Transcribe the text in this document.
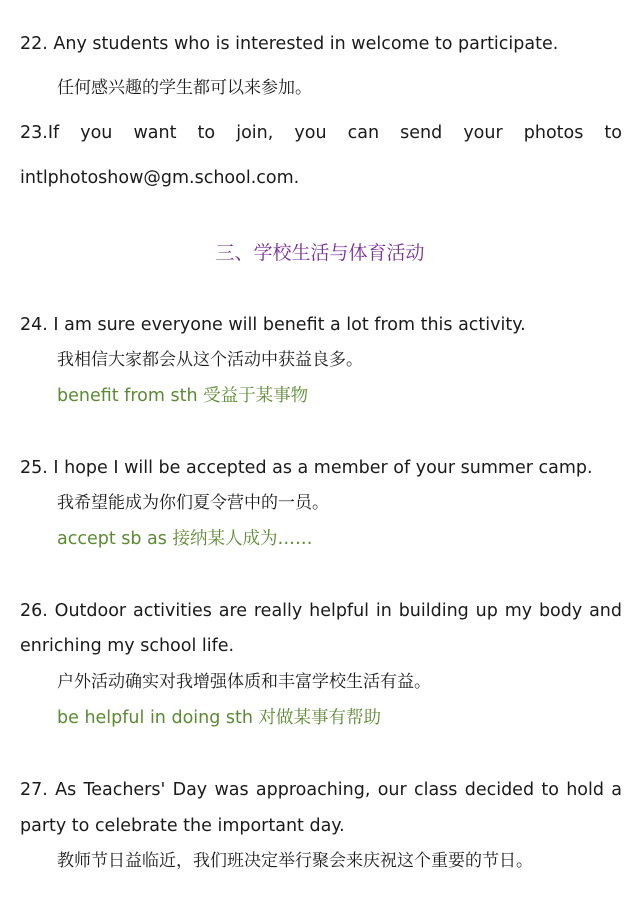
22. Any students who is interested in welcome to participate.
任何感兴趣的学生都可以来参加。
23.If you want to join, you can send your photos to
intlphotoshow@gm.school.com.
三、学校生活与体育活动
24. I am sure everyone will benefit a lot from this activity.
我相信大家都会从这个活动中获益良多。
benefit from sth 受益于某事物
25. I hope I will be accepted as a member of your summer camp.
我希望能成为你们夏令营中的一员。
accept sb as 接纳某人成为……
26. Outdoor activities are really helpful in building up my body and
enriching my school life.
户外活动确实对我增强体质和丰富学校生活有益。
be helpful in doing sth 对做某事有帮助
27. As Teachers' Day was approaching, our class decided to hold a
party to celebrate the important day.
教师节日益临近，我们班决定举行聚会来庆祝这个重要的节日。
